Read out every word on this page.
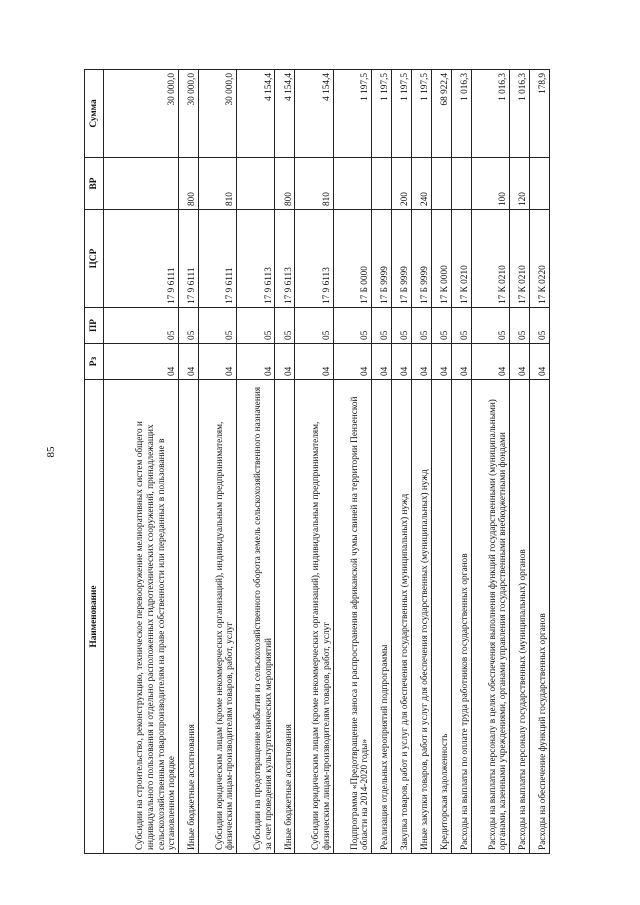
85
Наименование	Рз	ПР	ЦСР	ВР	Сумма
Субсидии на строительство, реконструкцию, техническое перевооружение мелиоративных систем общего и индивидуального пользования и отдельно расположенных гидротехнических сооружений, принадлежащих сельскохозяйственным товаропроизводителям на праве собственности или переданных в пользование в установленном порядке	04	05	17 9 6111		30 000,0
Иные бюджетные ассигнования	04	05	17 9 6111	800	30 000,0
Субсидии юридическим лицам (кроме некоммерческих организаций), индивидуальным предпринимателям, физическим лицам-производителям товаров, работ, услуг	04	05	17 9 6111	810	30 000,0
Субсидии на предотвращение выбытия из сельскохозяйственного оборота земель сельскохозяйственного назначения за счет проведения культуртехнических мероприятий	04	05	17 9 6113		4 154,4
Иные бюджетные ассигнования	04	05	17 9 6113	800	4 154,4
Субсидии юридическим лицам (кроме некоммерческих организаций), индивидуальным предпринимателям, физическим лицам-производителям товаров, работ, услуг	04	05	17 9 6113	810	4 154,4
Подпрограмма «Предотвращение заноса и распространения африканской чумы свиней на территории Пензенской области на 2014-2020 годы»	04	05	17 Б 0000		1 197,5
Реализация отдельных мероприятий подпрограммы	04	05	17 Б 9999		1 197,5
Закупка товаров, работ и услуг для обеспечения государственных (муниципальных) нужд	04	05	17 Б 9999	200	1 197,5
Иные закупки товаров, работ и услуг для обеспечения государственных (муниципальных) нужд	04	05	17 Б 9999	240	1 197,5
Кредиторская задолженность	04	05	17 К 0000		68 922,4
Расходы на выплаты по оплате труда работников государственных органов	04	05	17 К 0210		1 016,3
Расходы на выплаты персоналу в целях обеспечения выполнения функций государственными (муниципальными) органами, казенными учреждениями, органами управления государственными внебюджетными фондами	04	05	17 К 0210	100	1 016,3
Расходы на выплаты персоналу государственных (муниципальных) органов	04	05	17 К 0210	120	1 016,3
Расходы на обеспечение функций государственных органов	04	05	17 К 0220		178,9
